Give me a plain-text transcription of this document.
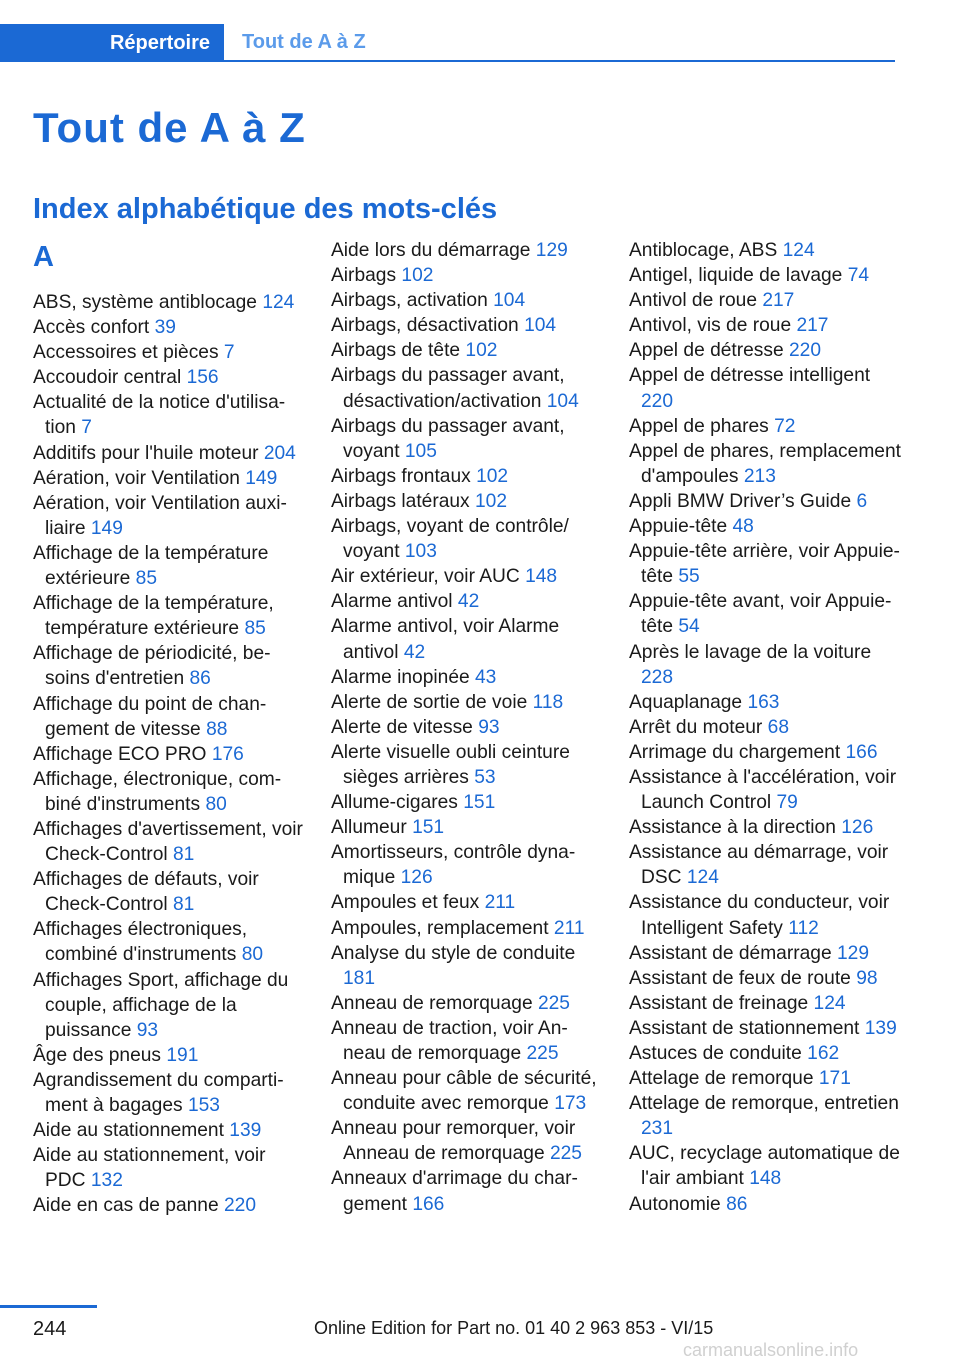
Répertoire	Tout de A à Z
Tout de A à Z
Index alphabétique des mots-clés
A
ABS, système antiblocage 124
Accès confort 39
Accessoires et pièces 7
Accoudoir central 156
Actualité de la notice d'utilisation 7
Additifs pour l'huile moteur 204
Aération, voir Ventilation 149
Aération, voir Ventilation auxiliaire 149
Affichage de la température extérieure 85
Affichage de la température, température extérieure 85
Affichage de périodicité, besoins d'entretien 86
Affichage du point de changement de vitesse 88
Affichage ECO PRO 176
Affichage, électronique, combiné d'instruments 80
Affichages d'avertissement, voir Check-Control 81
Affichages de défauts, voir Check-Control 81
Affichages électroniques, combiné d'instruments 80
Affichages Sport, affichage du couple, affichage de la puissance 93
Âge des pneus 191
Agrandissement du compartiment à bagages 153
Aide au stationnement 139
Aide au stationnement, voir PDC 132
Aide en cas de panne 220
Aide lors du démarrage 129
Airbags 102
Airbags, activation 104
Airbags, désactivation 104
Airbags de tête 102
Airbags du passager avant, désactivation/activation 104
Airbags du passager avant, voyant 105
Airbags frontaux 102
Airbags latéraux 102
Airbags, voyant de contrôle/ voyant 103
Air extérieur, voir AUC 148
Alarme antivol 42
Alarme antivol, voir Alarme antivol 42
Alarme inopinée 43
Alerte de sortie de voie 118
Alerte de vitesse 93
Alerte visuelle oubli ceinture sièges arrières 53
Allume-cigares 151
Allumeur 151
Amortisseurs, contrôle dynamique 126
Ampoules et feux 211
Ampoules, remplacement 211
Analyse du style de conduite 181
Anneau de remorquage 225
Anneau de traction, voir Anneau de remorquage 225
Anneau pour câble de sécurité, conduite avec remorque 173
Anneau pour remorquer, voir Anneau de remorquage 225
Anneaux d'arrimage du chargement 166
Antiblocage, ABS 124
Antigel, liquide de lavage 74
Antivol de roue 217
Antivol, vis de roue 217
Appel de détresse 220
Appel de détresse intelligent 220
Appel de phares 72
Appel de phares, remplacement d'ampoules 213
Appli BMW Driver’s Guide 6
Appuie-tête 48
Appuie-tête arrière, voir Appuie-tête 55
Appuie-tête avant, voir Appuie-tête 54
Après le lavage de la voiture 228
Aquaplanage 163
Arrêt du moteur 68
Arrimage du chargement 166
Assistance à l'accélération, voir Launch Control 79
Assistance à la direction 126
Assistance au démarrage, voir DSC 124
Assistance du conducteur, voir Intelligent Safety 112
Assistant de démarrage 129
Assistant de feux de route 98
Assistant de freinage 124
Assistant de stationnement 139
Astuces de conduite 162
Attelage de remorque 171
Attelage de remorque, entretien 231
AUC, recyclage automatique de l'air ambiant 148
Autonomie 86
244	Online Edition for Part no. 01 40 2 963 853 - VI/15
carmanualsonline.info
